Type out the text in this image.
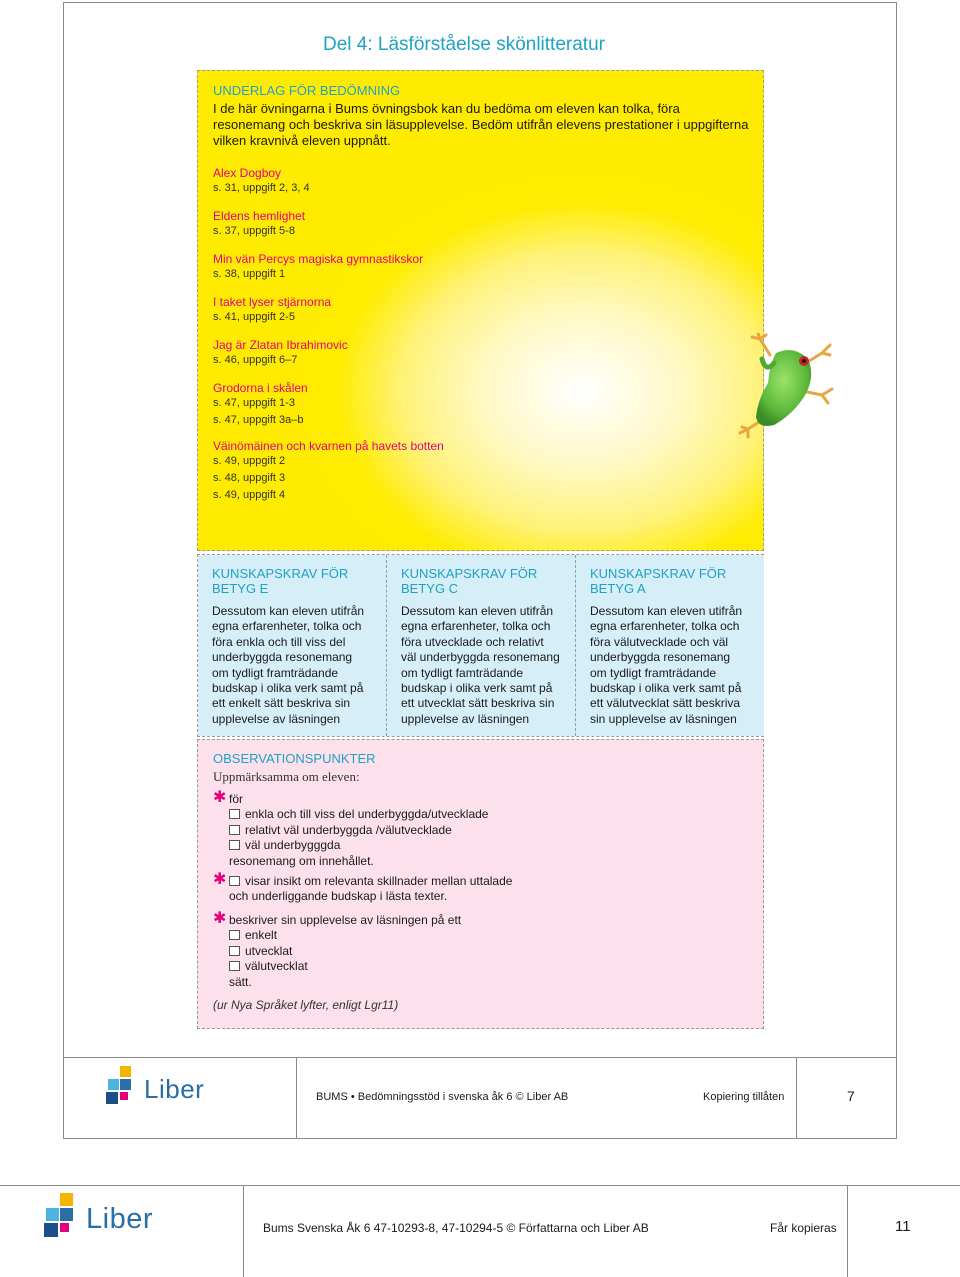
Del 4: Läsförståelse skönlitteratur
UNDERLAG FÖR BEDÖMNING
I de här övningarna i Bums övningsbok kan du bedöma om eleven kan tolka, föra resonemang och beskriva sin läsupplevelse. Bedöm utifrån elevens prestationer i uppgifterna vilken kravnivå eleven uppnått.
Alex Dogboy
s. 31, uppgift 2, 3, 4
Eldens hemlighet
s. 37, uppgift 5-8
Min vän Percys magiska gymnastikskor
s. 38, uppgift 1
I taket lyser stjärnorna
s. 41, uppgift 2-5
Jag är Zlatan Ibrahimovic
s. 46, uppgift 6–7
Grodorna i skålen
s. 47, uppgift 1-3
s. 47, uppgift 3a–b
Väinömäinen och kvarnen på havets botten
s. 49, uppgift 2
s. 48, uppgift 3
s. 49, uppgift 4
KUNSKAPSKRAV FÖR BETYG E
Dessutom kan eleven utifrån egna erfarenheter, tolka och föra enkla och till viss del underbyggda resonemang om tydligt framträdande budskap i olika verk samt på ett enkelt sätt beskriva sin upplevelse av läsningen
KUNSKAPSKRAV FÖR BETYG C
Dessutom kan eleven utifrån egna erfarenheter, tolka och föra utvecklade och relativt väl underbyggda resonemang om tydligt famträdande budskap i olika verk samt på ett utvecklat sätt beskriva sin upplevelse av läsningen
KUNSKAPSKRAV FÖR BETYG A
Dessutom kan eleven utifrån egna erfarenheter, tolka och föra välutvecklade och väl underbyggda resonemang om tydligt framträdande budskap i olika verk samt på ett välutvecklat sätt beskriva sin upplevelse av läsningen
OBSERVATIONSPUNKTER
Uppmärksamma om eleven:
✱ för
enkla och till viss del underbyggda/utvecklade
relativt väl underbyggda /välutvecklade
väl underbygggda
resonemang om innehållet.
✱ visar insikt om relevanta skillnader mellan uttalade
och underliggande budskap i lästa texter.
✱ beskriver sin upplevelse av läsningen på ett
enkelt
utvecklat
välutvecklat
sätt.
(ur Nya Språket lyfter, enligt Lgr11)
Liber	BUMS • Bedömningsstöd i svenska åk 6 © Liber AB	Kopiering tillåten	7
Liber	Bums Svenska Åk 6 47-10293-8, 47-10294-5 © Författarna och Liber AB	Får kopieras	11
